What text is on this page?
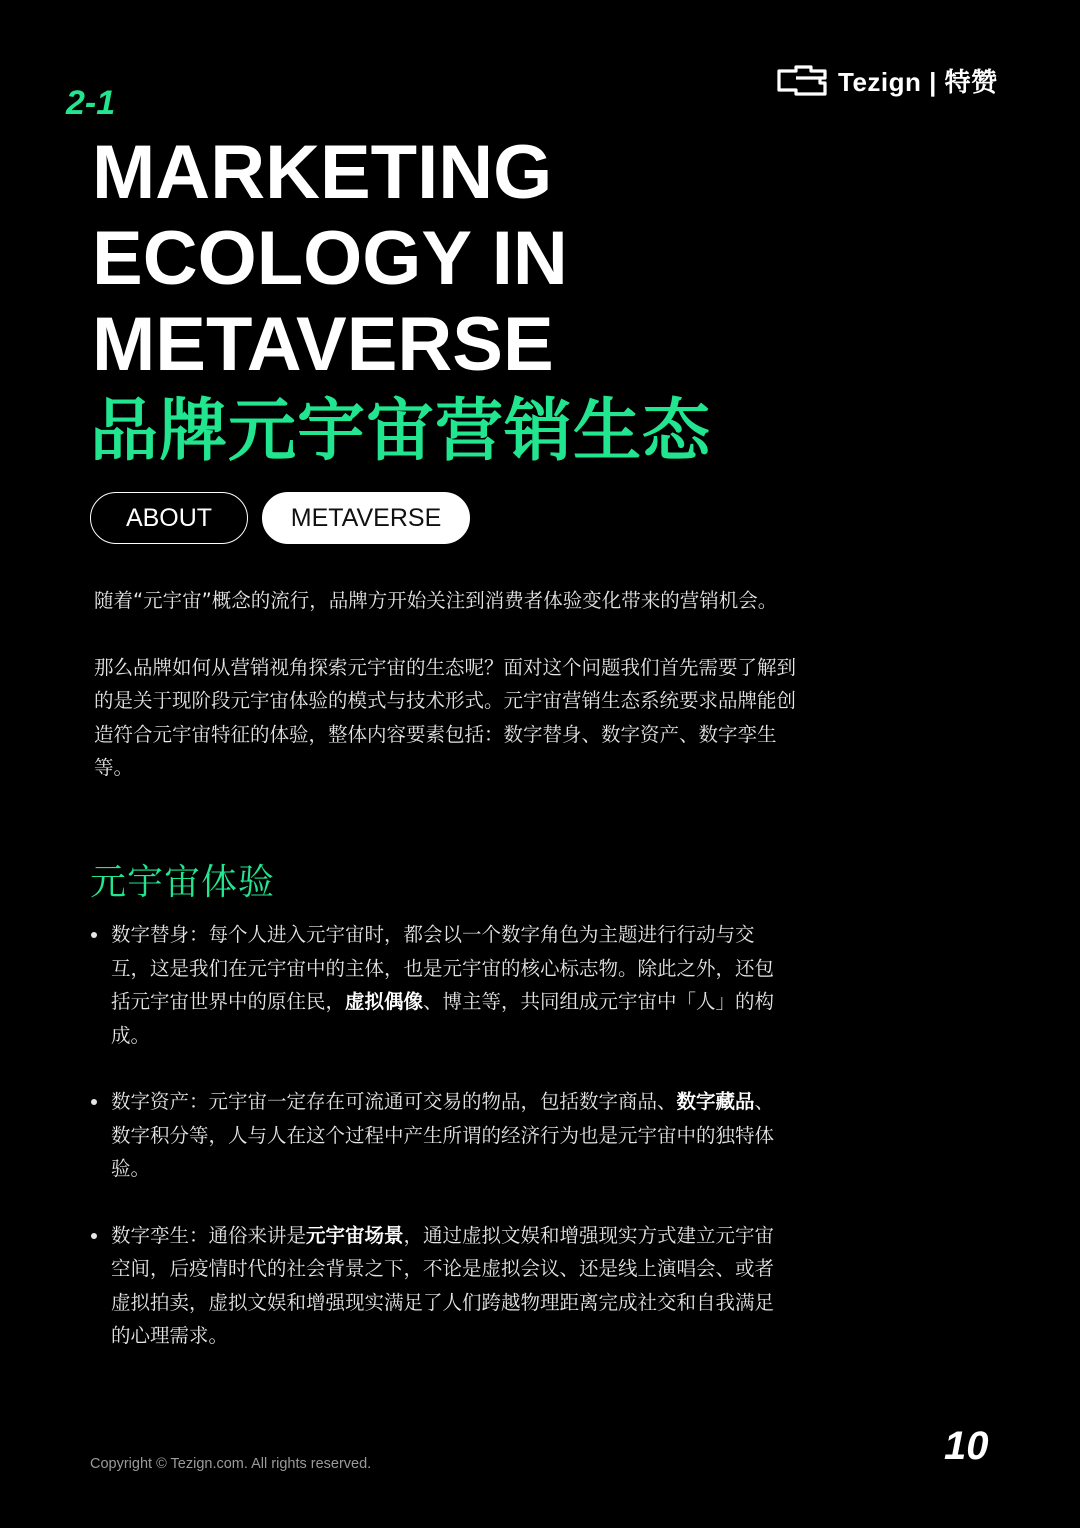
Tezign | 特赞
2-1
MARKETING
ECOLOGY IN
METAVERSE
品牌元宇宙营销生态
ABOUT	METAVERSE

随着“元宇宙”概念的流行，品牌方开始关注到消费者体验变化带来的营销机会。

那么品牌如何从营销视角探索元宇宙的生态呢？面对这个问题我们首先需要了解到的是关于现阶段元宇宙体验的模式与技术形式。元宇宙营销生态系统要求品牌能创造符合元宇宙特征的体验，整体内容要素包括：数字替身、数字资产、数字孪生等。

元宇宙体验
数字替身：每个人进入元宇宙时，都会以一个数字角色为主题进行行动与交互，这是我们在元宇宙中的主体，也是元宇宙的核心标志物。除此之外，还包括元宇宙世界中的原住民，虚拟偶像、博主等，共同组成元宇宙中「人」的构成。
数字资产：元宇宙一定存在可流通可交易的物品，包括数字商品、数字藏品、数字积分等，人与人在这个过程中产生所谓的经济行为也是元宇宙中的独特体验。
数字孪生：通俗来讲是元宇宙场景，通过虚拟文娱和增强现实方式建立元宇宙空间，后疫情时代的社会背景之下，不论是虚拟会议、还是线上演唱会、或者虚拟拍卖，虚拟文娱和增强现实满足了人们跨越物理距离完成社交和自我满足的心理需求。
Copyright © Tezign.com. All rights reserved.	10
